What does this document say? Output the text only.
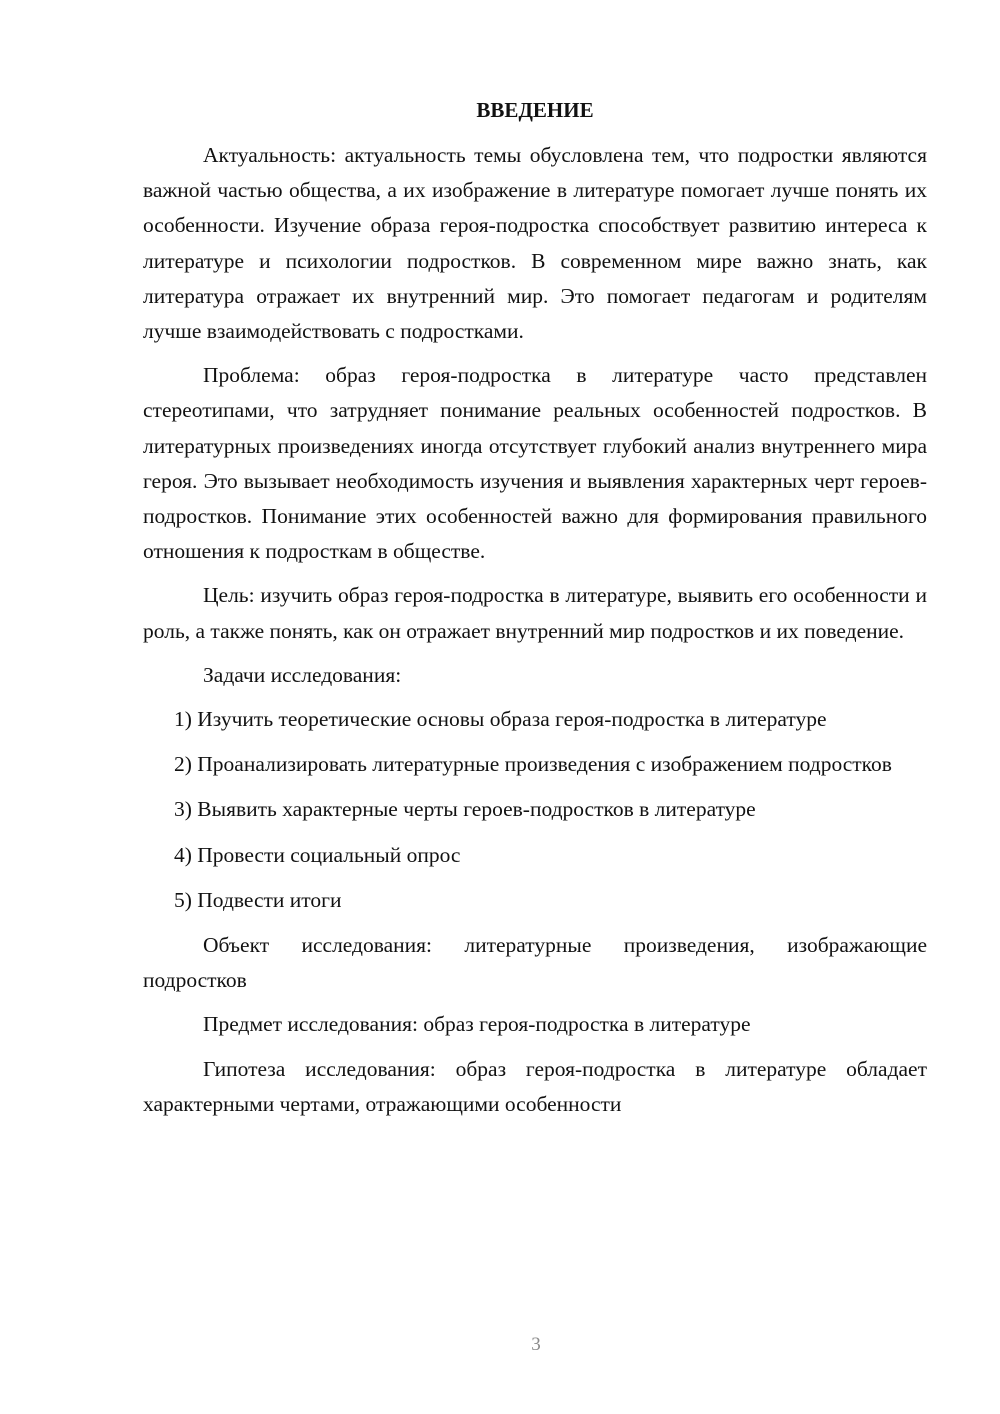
ВВЕДЕНИЕ

Актуальность: актуальность темы обусловлена тем, что подростки являются важной частью общества, а их изображение в литературе помогает лучше понять их особенности. Изучение образа героя-подростка способствует развитию интереса к литературе и психологии подростков. В современном мире важно знать, как литература отражает их внутренний мир. Это помогает педагогам и родителям лучше взаимодействовать с подростками.

Проблема: образ героя-подростка в литературе часто представлен стереотипами, что затрудняет понимание реальных особенностей подростков. В литературных произведениях иногда отсутствует глубокий анализ внутреннего мира героя. Это вызывает необходимость изучения и выявления характерных черт героев-подростков. Понимание этих особенностей важно для формирования правильного отношения к подросткам в обществе.

Цель: изучить образ героя-подростка в литературе, выявить его особенности и роль, а также понять, как он отражает внутренний мир подростков и их поведение.

Задачи исследования:

1) Изучить теоретические основы образа героя-подростка в литературе

2) Проанализировать литературные произведения с изображением подростков

3) Выявить характерные черты героев-подростков в литературе

4) Провести социальный опрос

5) Подвести итоги

Объект исследования: литературные произведения, изображающие подростков

Предмет исследования: образ героя-подростка в литературе

Гипотеза исследования: образ героя-подростка в литературе обладает характерными чертами, отражающими особенности

3
